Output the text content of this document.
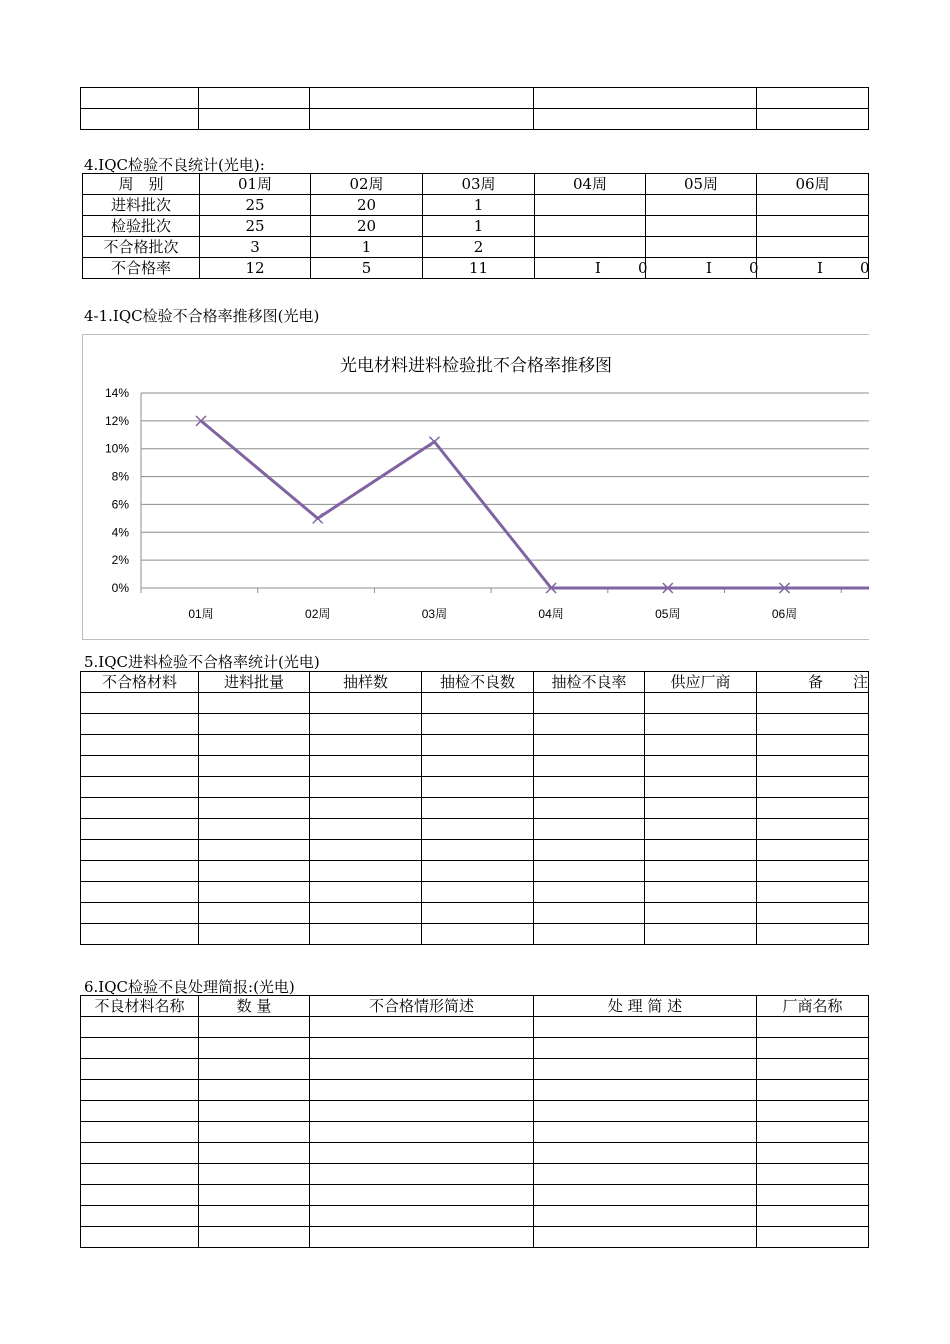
4.IQC检验不良统计(光电):
周　别	01周	02周	03周	04周	05周	06周
进料批次	25	20	1			
检验批次	25	20	1			
不合格批次	3	1	2			
不合格率	12	5	11	I 0	I 0	I 0
4-1.IQC检验不合格率推移图(光电)
光电材料进料检验批不合格率推移图
0%
2%
4%
6%
8%
10%
12%
14%
01周	02周	03周	04周	05周	06周
5.IQC进料检验不合格率统计(光电)
不合格材料	进料批量	抽样数	抽检不良数	抽检不良率	供应厂商	备　　注

6.IQC检验不良处理简报:(光电)
不良材料名称	数 量	不合格情形简述	处 理 简 述	厂商名称
